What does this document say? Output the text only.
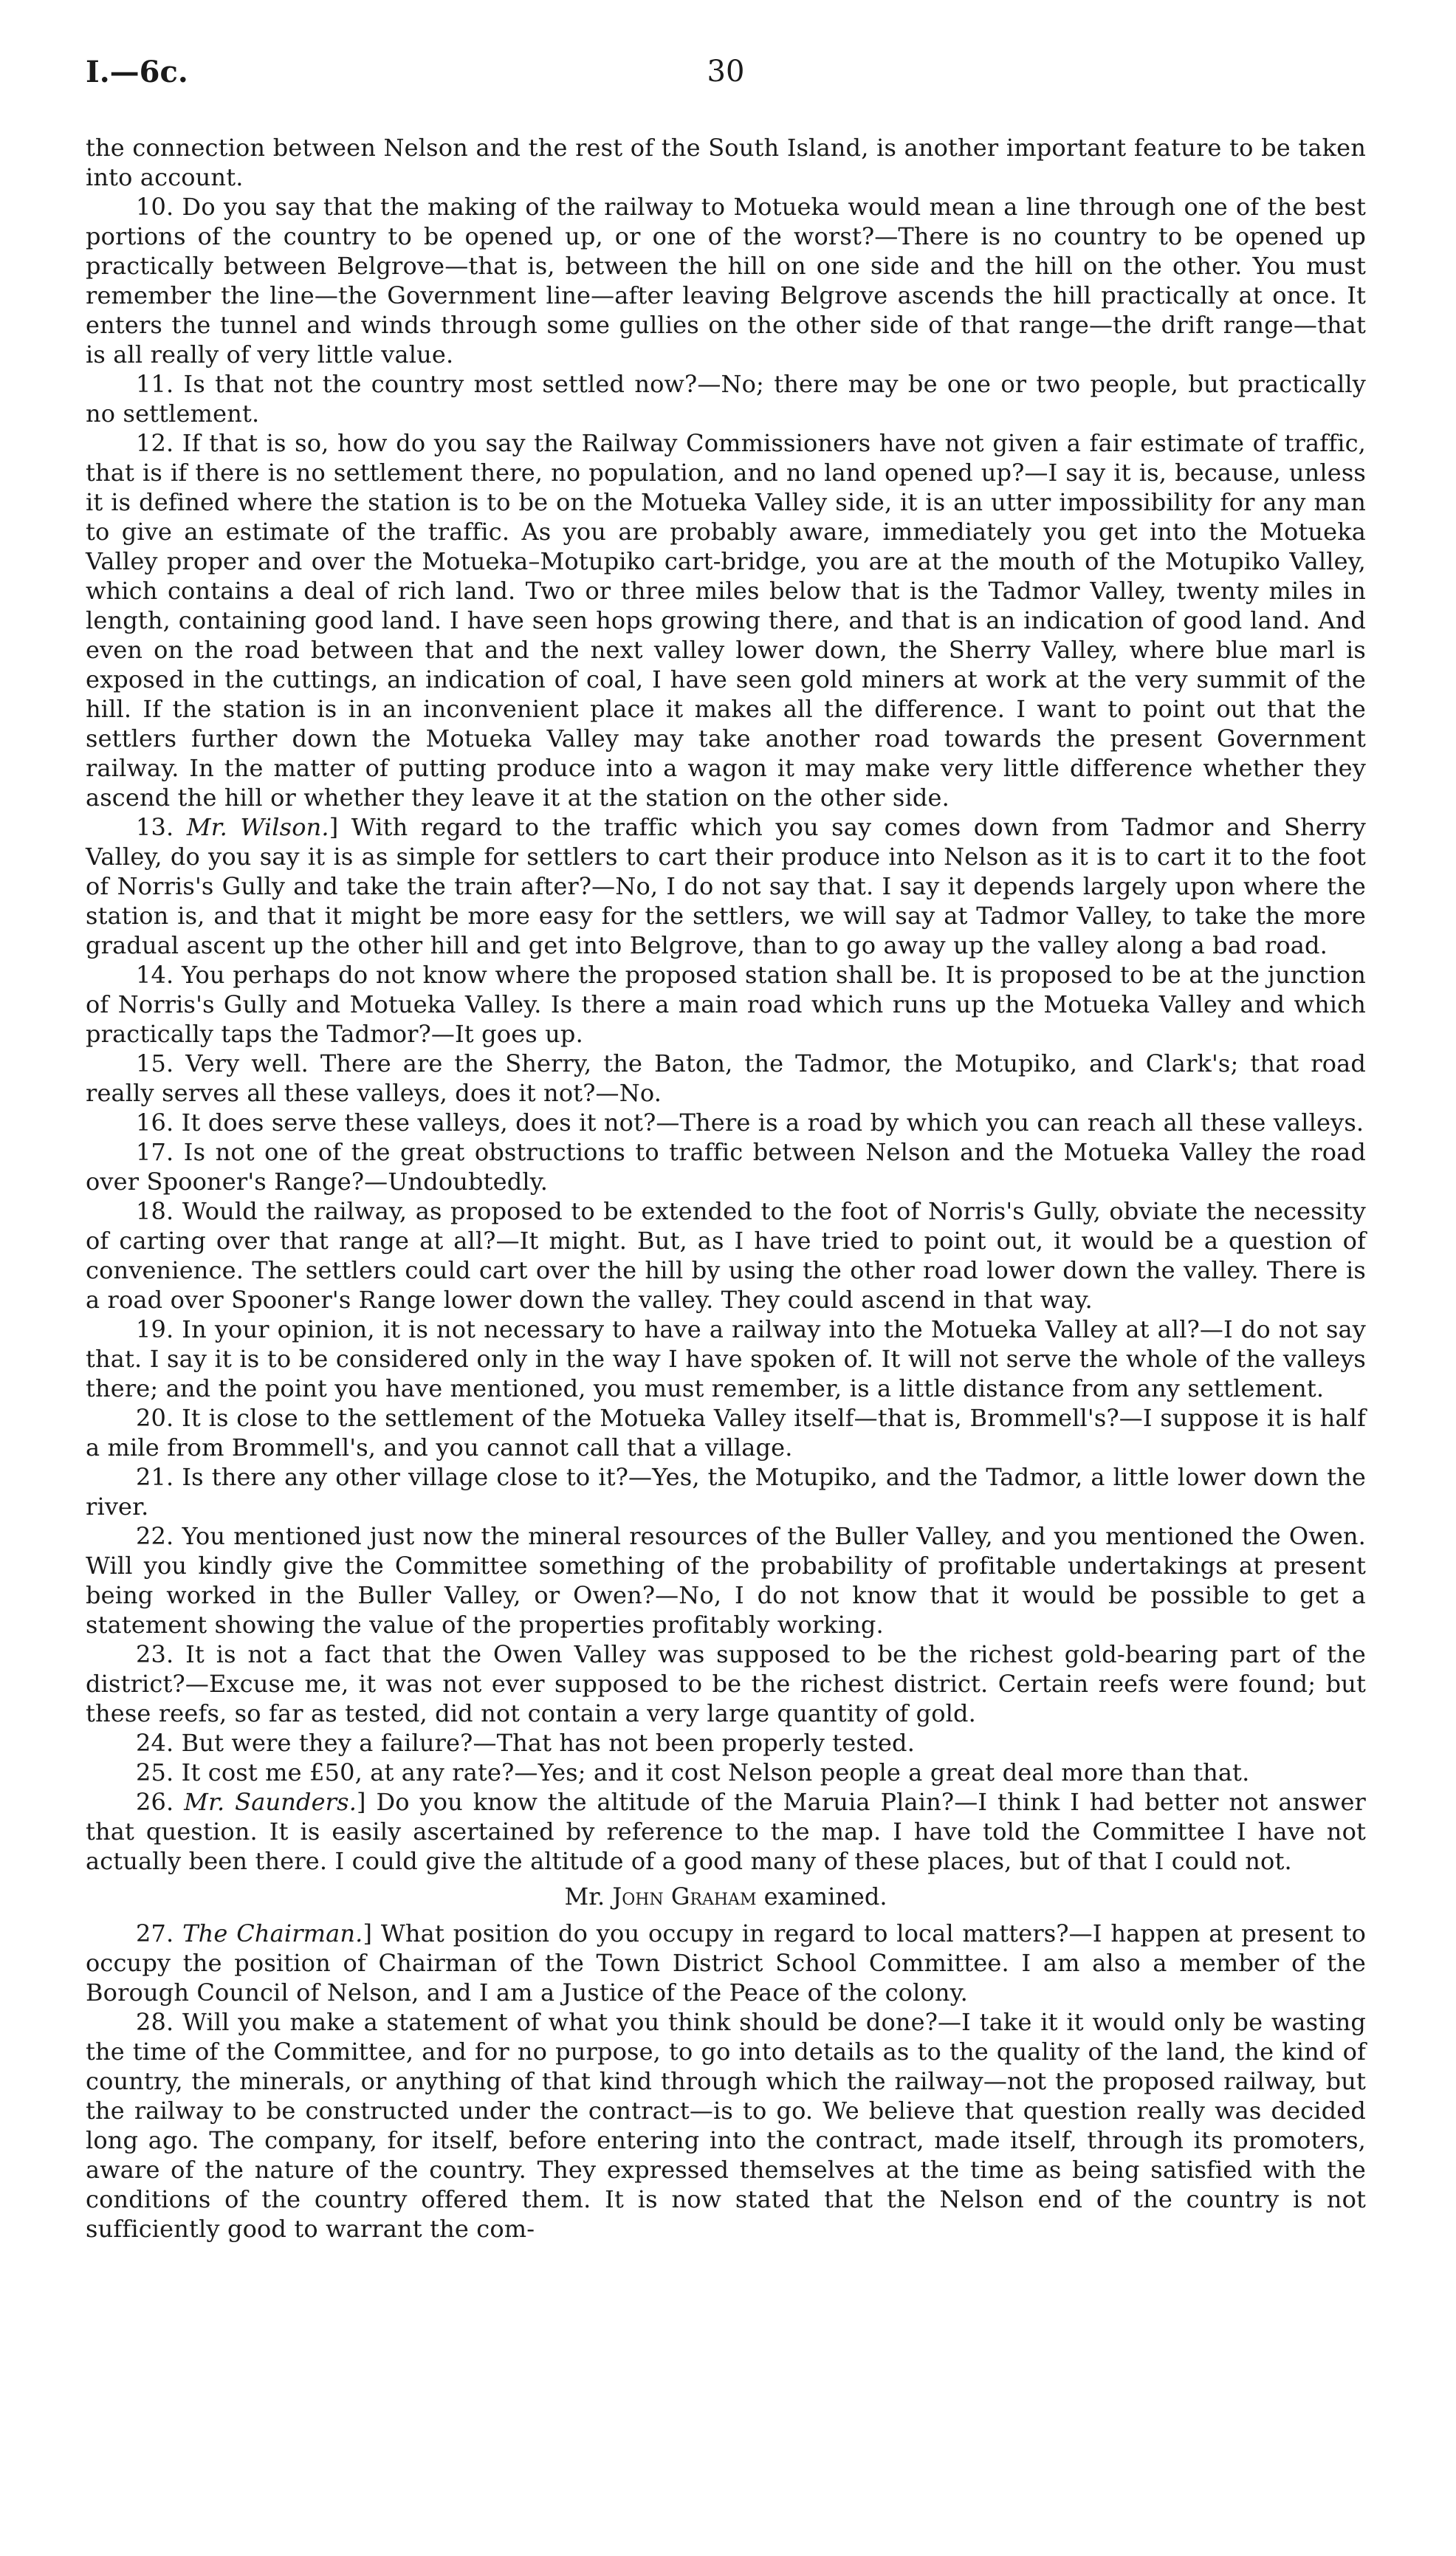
I.—6c.	30

the connection between Nelson and the rest of the South Island, is another important feature to be taken into account.

10. Do you say that the making of the railway to Motueka would mean a line through one of the best portions of the country to be opened up, or one of the worst?—There is no country to be opened up practically between Belgrove—that is, between the hill on one side and the hill on the other. You must remember the line—the Government line—after leaving Belgrove ascends the hill practically at once. It enters the tunnel and winds through some gullies on the other side of that range—the drift range—that is all really of very little value.

11. Is that not the country most settled now?—No; there may be one or two people, but practically no settlement.

12. If that is so, how do you say the Railway Commissioners have not given a fair estimate of traffic, that is if there is no settlement there, no population, and no land opened up?—I say it is, because, unless it is defined where the station is to be on the Motueka Valley side, it is an utter impossibility for any man to give an estimate of the traffic. As you are probably aware, immediately you get into the Motueka Valley proper and over the Motueka–Motupiko cart-bridge, you are at the mouth of the Motupiko Valley, which contains a deal of rich land. Two or three miles below that is the Tadmor Valley, twenty miles in length, containing good land. I have seen hops growing there, and that is an indication of good land. And even on the road between that and the next valley lower down, the Sherry Valley, where blue marl is exposed in the cuttings, an indication of coal, I have seen gold miners at work at the very summit of the hill. If the station is in an inconvenient place it makes all the difference. I want to point out that the settlers further down the Motueka Valley may take another road towards the present Government railway. In the matter of putting produce into a wagon it may make very little difference whether they ascend the hill or whether they leave it at the station on the other side.

13. Mr. Wilson.] With regard to the traffic which you say comes down from Tadmor and Sherry Valley, do you say it is as simple for settlers to cart their produce into Nelson as it is to cart it to the foot of Norris's Gully and take the train after?—No, I do not say that. I say it depends largely upon where the station is, and that it might be more easy for the settlers, we will say at Tadmor Valley, to take the more gradual ascent up the other hill and get into Belgrove, than to go away up the valley along a bad road.

14. You perhaps do not know where the proposed station shall be. It is proposed to be at the junction of Norris's Gully and Motueka Valley. Is there a main road which runs up the Motueka Valley and which practically taps the Tadmor?—It goes up.

15. Very well. There are the Sherry, the Baton, the Tadmor, the Motupiko, and Clark's; that road really serves all these valleys, does it not?—No.

16. It does serve these valleys, does it not?—There is a road by which you can reach all these valleys.

17. Is not one of the great obstructions to traffic between Nelson and the Motueka Valley the road over Spooner's Range?—Undoubtedly.

18. Would the railway, as proposed to be extended to the foot of Norris's Gully, obviate the necessity of carting over that range at all?—It might. But, as I have tried to point out, it would be a question of convenience. The settlers could cart over the hill by using the other road lower down the valley. There is a road over Spooner's Range lower down the valley. They could ascend in that way.

19. In your opinion, it is not necessary to have a railway into the Motueka Valley at all?—I do not say that. I say it is to be considered only in the way I have spoken of. It will not serve the whole of the valleys there; and the point you have mentioned, you must remember, is a little distance from any settlement.

20. It is close to the settlement of the Motueka Valley itself—that is, Brommell's?—I suppose it is half a mile from Brommell's, and you cannot call that a village.

21. Is there any other village close to it?—Yes, the Motupiko, and the Tadmor, a little lower down the river.

22. You mentioned just now the mineral resources of the Buller Valley, and you mentioned the Owen. Will you kindly give the Committee something of the probability of profitable undertakings at present being worked in the Buller Valley, or Owen?—No, I do not know that it would be possible to get a statement showing the value of the properties profitably working.

23. It is not a fact that the Owen Valley was supposed to be the richest gold-bearing part of the district?—Excuse me, it was not ever supposed to be the richest district. Certain reefs were found; but these reefs, so far as tested, did not contain a very large quantity of gold.

24. But were they a failure?—That has not been properly tested.

25. It cost me £50, at any rate?—Yes; and it cost Nelson people a great deal more than that.

26. Mr. Saunders.] Do you know the altitude of the Maruia Plain?—I think I had better not answer that question. It is easily ascertained by reference to the map. I have told the Committee I have not actually been there. I could give the altitude of a good many of these places, but of that I could not.

Mr. John Graham examined.

27. The Chairman.] What position do you occupy in regard to local matters?—I happen at present to occupy the position of Chairman of the Town District School Committee. I am also a member of the Borough Council of Nelson, and I am a Justice of the Peace of the colony.

28. Will you make a statement of what you think should be done?—I take it it would only be wasting the time of the Committee, and for no purpose, to go into details as to the quality of the land, the kind of country, the minerals, or anything of that kind through which the railway—not the proposed railway, but the railway to be constructed under the contract—is to go. We believe that question really was decided long ago. The company, for itself, before entering into the contract, made itself, through its promoters, aware of the nature of the country. They expressed themselves at the time as being satisfied with the conditions of the country offered them. It is now stated that the Nelson end of the country is not sufficiently good to warrant the com-
